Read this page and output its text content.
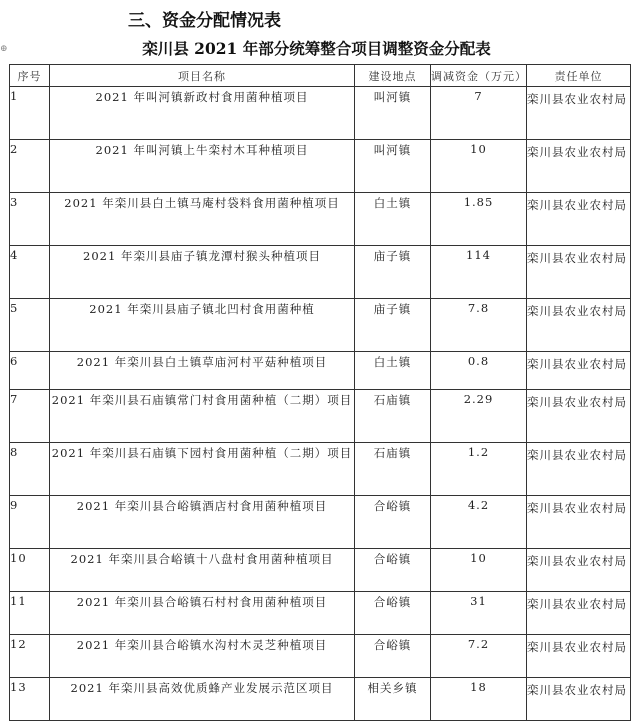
三、资金分配情况表
⊕	栾川县 2021 年部分统筹整合项目调整资金分配表
序号	项目名称	建设地点	调减资金（万元）	责任单位
1	2021 年叫河镇新政村食用菌种植项目	叫河镇	7	栾川县农业农村局
2	2021 年叫河镇上牛栾村木耳种植项目	叫河镇	10	栾川县农业农村局
3	2021 年栾川县白土镇马庵村袋料食用菌种植项目	白土镇	1.85	栾川县农业农村局
4	2021 年栾川县庙子镇龙潭村猴头种植项目	庙子镇	114	栾川县农业农村局
5	2021 年栾川县庙子镇北凹村食用菌种植	庙子镇	7.8	栾川县农业农村局
6	2021 年栾川县白土镇草庙河村平菇种植项目	白土镇	0.8	栾川县农业农村局
7	2021 年栾川县石庙镇常门村食用菌种植（二期）项目	石庙镇	2.29	栾川县农业农村局
8	2021 年栾川县石庙镇下园村食用菌种植（二期）项目	石庙镇	1.2	栾川县农业农村局
9	2021 年栾川县合峪镇酒店村食用菌种植项目	合峪镇	4.2	栾川县农业农村局
10	2021 年栾川县合峪镇十八盘村食用菌种植项目	合峪镇	10	栾川县农业农村局
11	2021 年栾川县合峪镇石村村食用菌种植项目	合峪镇	31	栾川县农业农村局
12	2021 年栾川县合峪镇水沟村木灵芝种植项目	合峪镇	7.2	栾川县农业农村局
13	2021 年栾川县高效优质蜂产业发展示范区项目	相关乡镇	18	栾川县农业农村局
